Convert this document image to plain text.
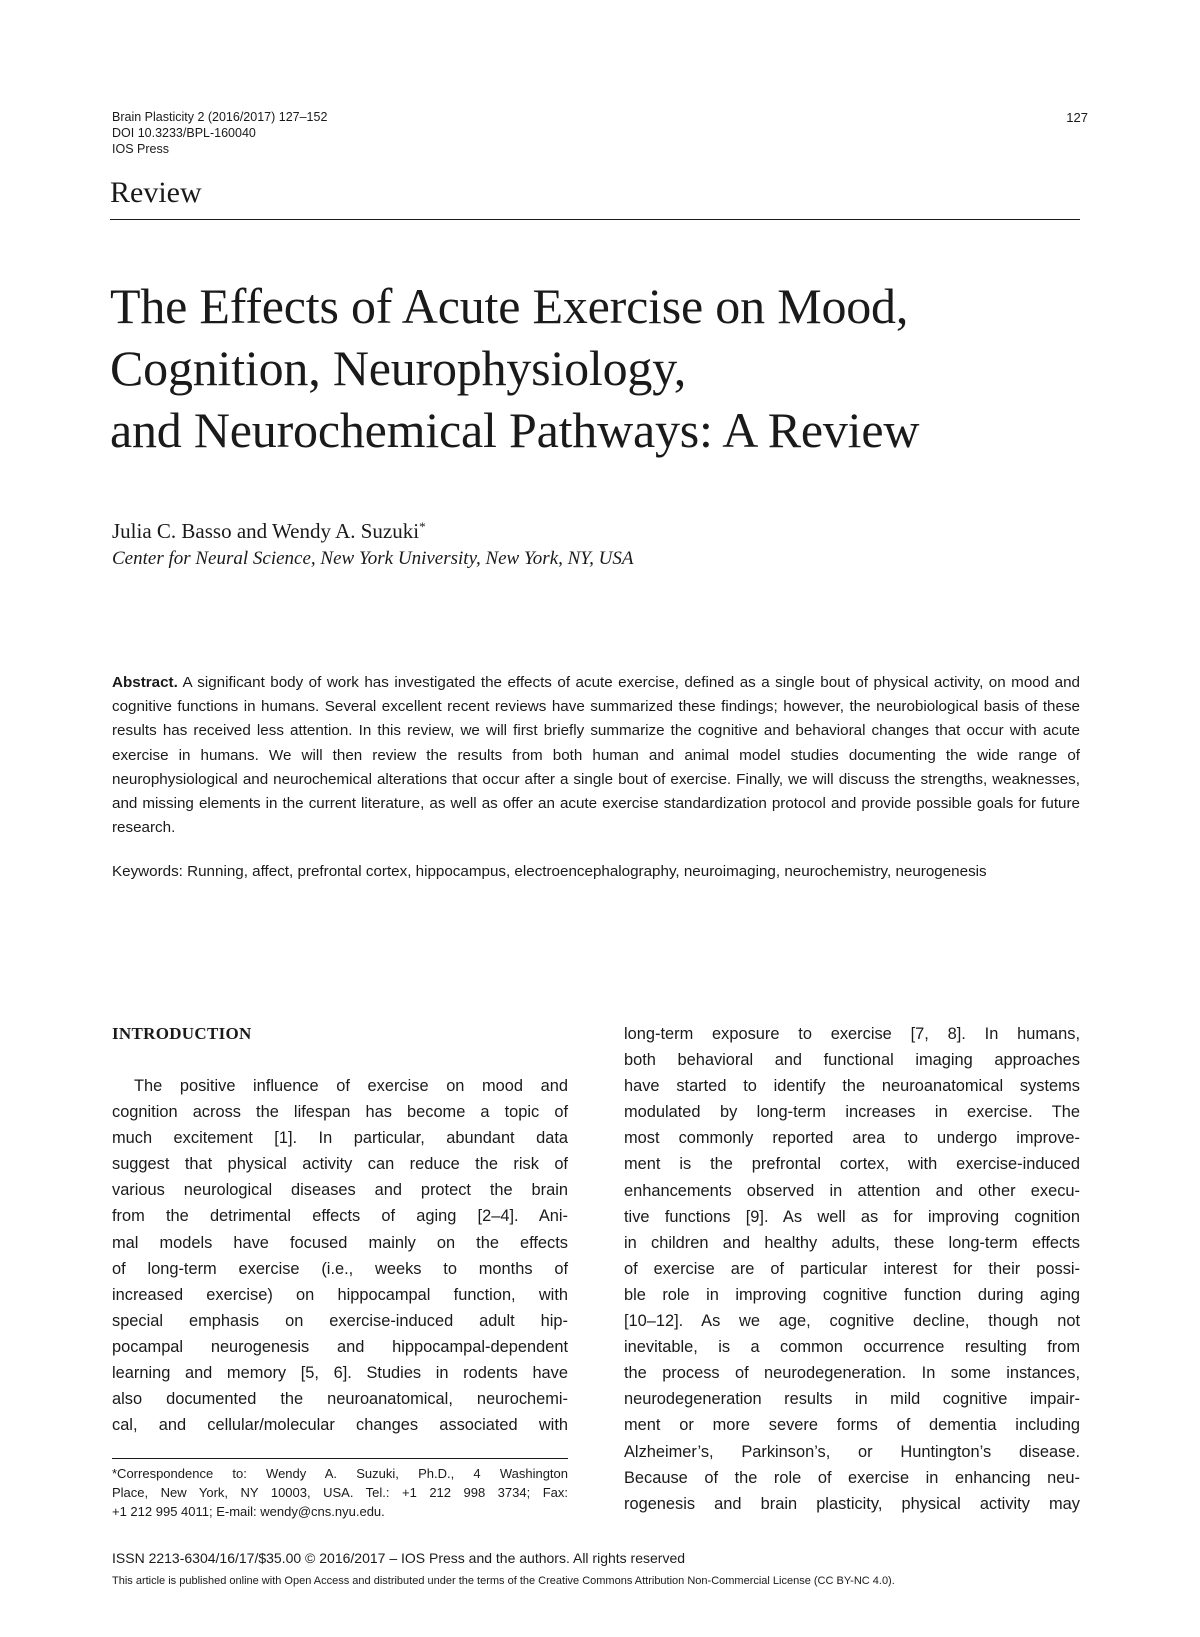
Brain Plasticity 2 (2016/2017) 127–152
DOI 10.3233/BPL-160040
IOS Press
127
Review
The Effects of Acute Exercise on Mood,
Cognition, Neurophysiology,
and Neurochemical Pathways: A Review
Julia C. Basso and Wendy A. Suzuki*
Center for Neural Science, New York University, New York, NY, USA
Abstract. A significant body of work has investigated the effects of acute exercise, defined as a single bout of physical activity, on mood and cognitive functions in humans. Several excellent recent reviews have summarized these findings; however, the neurobiological basis of these results has received less attention. In this review, we will first briefly summarize the cognitive and behavioral changes that occur with acute exercise in humans. We will then review the results from both human and animal model studies documenting the wide range of neurophysiological and neurochemical alterations that occur after a single bout of exercise. Finally, we will discuss the strengths, weaknesses, and missing elements in the current literature, as well as offer an acute exercise standardization protocol and provide possible goals for future research.
Keywords: Running, affect, prefrontal cortex, hippocampus, electroencephalography, neuroimaging, neurochemistry, neurogenesis
INTRODUCTION
The positive influence of exercise on mood and
cognition across the lifespan has become a topic of
much excitement [1]. In particular, abundant data
suggest that physical activity can reduce the risk of
various neurological diseases and protect the brain
from the detrimental effects of aging [2–4]. Ani-
mal models have focused mainly on the effects
of long-term exercise (i.e., weeks to months of
increased exercise) on hippocampal function, with
special emphasis on exercise-induced adult hip-
pocampal neurogenesis and hippocampal-dependent
learning and memory [5, 6]. Studies in rodents have
also documented the neuroanatomical, neurochemi-
cal, and cellular/molecular changes associated with
long-term exposure to exercise [7, 8]. In humans,
both behavioral and functional imaging approaches
have started to identify the neuroanatomical systems
modulated by long-term increases in exercise. The
most commonly reported area to undergo improve-
ment is the prefrontal cortex, with exercise-induced
enhancements observed in attention and other execu-
tive functions [9]. As well as for improving cognition
in children and healthy adults, these long-term effects
of exercise are of particular interest for their possi-
ble role in improving cognitive function during aging
[10–12]. As we age, cognitive decline, though not
inevitable, is a common occurrence resulting from
the process of neurodegeneration. In some instances,
neurodegeneration results in mild cognitive impair-
ment or more severe forms of dementia including
Alzheimer’s, Parkinson’s, or Huntington’s disease.
Because of the role of exercise in enhancing neu-
rogenesis and brain plasticity, physical activity may
*Correspondence to: Wendy A. Suzuki, Ph.D., 4 Washington
Place, New York, NY 10003, USA. Tel.: +1 212 998 3734; Fax:
+1 212 995 4011; E-mail: wendy@cns.nyu.edu.
ISSN 2213-6304/16/17/$35.00 © 2016/2017 – IOS Press and the authors. All rights reserved
This article is published online with Open Access and distributed under the terms of the Creative Commons Attribution Non-Commercial License (CC BY-NC 4.0).
